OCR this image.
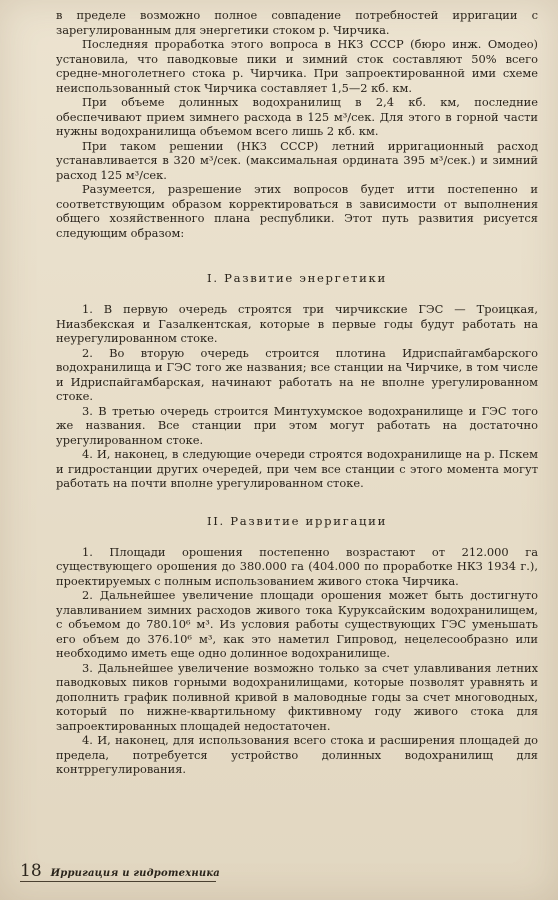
в пределе возможно полное совпадение потребностей ирригации с зарегулированным для энергетики стоком р. Чирчика.

Последняя проработка этого вопроса в НКЗ СССР (бюро инж. Омодео) установила, что паводковые пики и зимний сток составляют 50% всего средне-многолетнего стока р. Чирчика. При запроектированной ими схеме неиспользованный сток Чирчика составляет 1,5—2 кб. км.

При объеме долинных водохранилищ в 2,4 кб. км, последние обеспечивают прием зимнего расхода в 125 м³/сек. Для этого в горной части нужны водохранилища объемом всего лишь 2 кб. км.

При таком решении (НКЗ СССР) летний ирригационный расход устанавливается в 320 м³/сек. (максимальная ордината 395 м³/сек.) и зимний расход 125 м³/сек.

Разумеется, разрешение этих вопросов будет итти постепенно и соответствующим образом корректироваться в зависимости от выполнения общего хозяйственного плана республики. Этот путь развития рисуется следующим образом:

I. Развитие энергетики

1. В первую очередь строятся три чирчикские ГЭС — Троицкая, Ниазбекская и Газалкентская, которые в первые годы будут работать на неурегулированном стоке.

2. Во вторую очередь строится плотина Идриспайгамбарского водохранилища и ГЭС того же названия; все станции на Чирчике, в том числе и Идриспайгамбарская, начинают работать на не вполне урегулированном стоке.

3. В третью очередь строится Минтухумское водохранилище и ГЭС того же названия. Все станции при этом могут работать на достаточно урегулированном стоке.

4. И, наконец, в следующие очереди строятся водохранилище на р. Пскем и гидростанции других очередей, при чем все станции с этого момента могут работать на почти вполне урегулированном стоке.

II. Развитие ирригации

1. Площади орошения постепенно возрастают от 212.000 га существующего орошения до 380.000 га (404.000 по проработке НКЗ 1934 г.), проектируемых с полным использованием живого стока Чирчика.

2. Дальнейшее увеличение площади орошения может быть достигнуто улавливанием зимних расходов живого тока Куруксайским водохранилищем, с объемом до 780.10⁶ м³. Из условия работы существующих ГЭС уменьшать его объем до 376.10⁶ м³, как это наметил Гипровод, нецелесообразно или необходимо иметь еще одно долинное водохранилище.

3. Дальнейшее увеличение возможно только за счет улавливания летних паводковых пиков горными водохранилищами, которые позволят уравнять и дополнить график поливной кривой в маловодные годы за счет многоводных, который по нижне-квартильному фиктивному году живого стока для запроектированных площадей недостаточен.

4. И, наконец, для использования всего стока и расширения площадей до предела, потребуется устройство долинных водохранилищ для контррегулирования.

18 Ирригация и гидротехника
